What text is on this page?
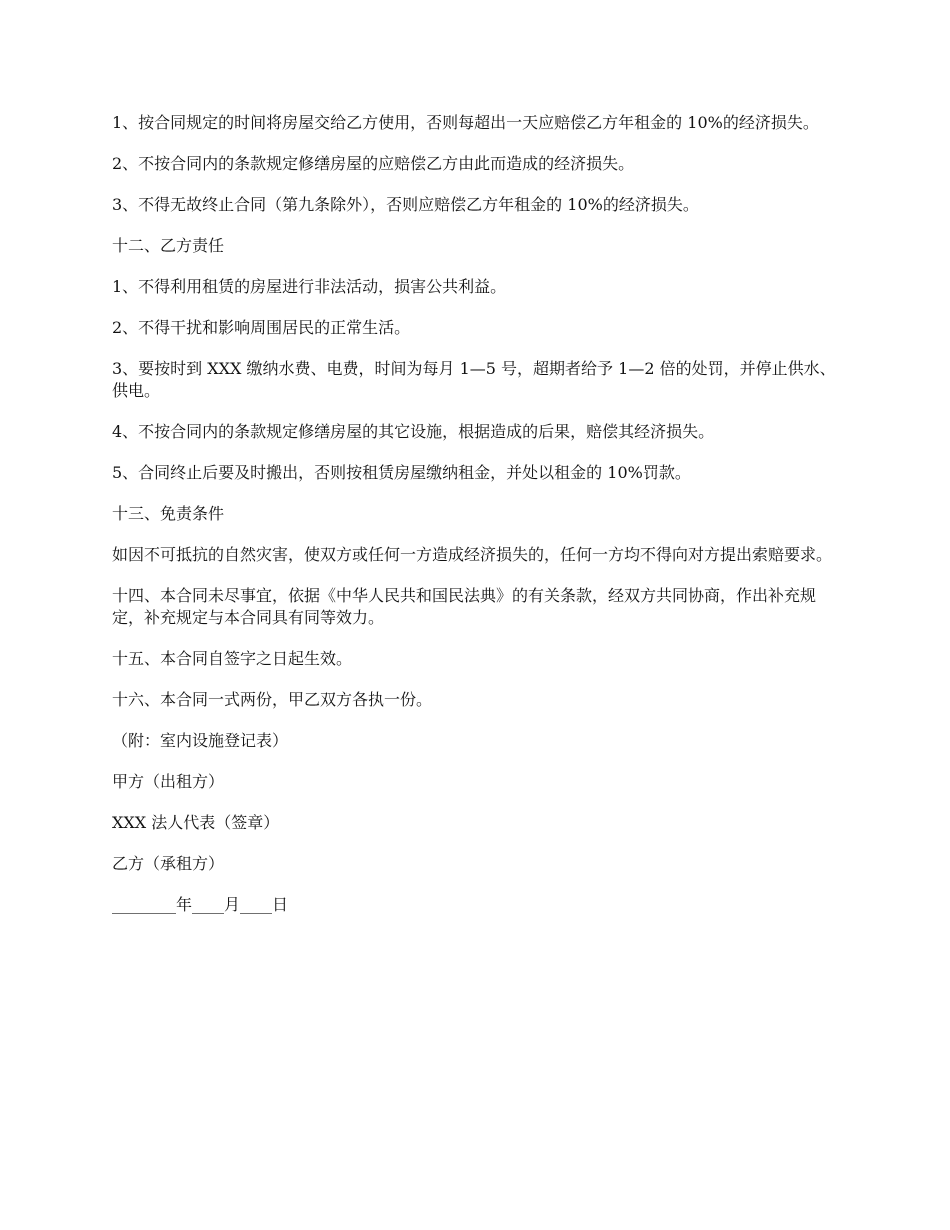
1、按合同规定的时间将房屋交给乙方使用，否则每超出一天应赔偿乙方年租金的 10%的经济损失。

2、不按合同内的条款规定修缮房屋的应赔偿乙方由此而造成的经济损失。

3、不得无故终止合同（第九条除外），否则应赔偿乙方年租金的 10%的经济损失。

十二、乙方责任

1、不得利用租赁的房屋进行非法活动，损害公共利益。

2、不得干扰和影响周围居民的正常生活。

3、要按时到 XXX 缴纳水费、电费，时间为每月 1—5 号，超期者给予 1—2 倍的处罚，并停止供水、供电。

4、不按合同内的条款规定修缮房屋的其它设施，根据造成的后果，赔偿其经济损失。

5、合同终止后要及时搬出，否则按租赁房屋缴纳租金，并处以租金的 10%罚款。

十三、免责条件

如因不可抵抗的自然灾害，使双方或任何一方造成经济损失的，任何一方均不得向对方提出索赔要求。

十四、本合同未尽事宜，依据《中华人民共和国民法典》的有关条款，经双方共同协商，作出补充规定，补充规定与本合同具有同等效力。

十五、本合同自签字之日起生效。

十六、本合同一式两份，甲乙双方各执一份。

（附：室内设施登记表）

甲方（出租方）

XXX 法人代表（签章）

乙方（承租方）

________年____月____日
